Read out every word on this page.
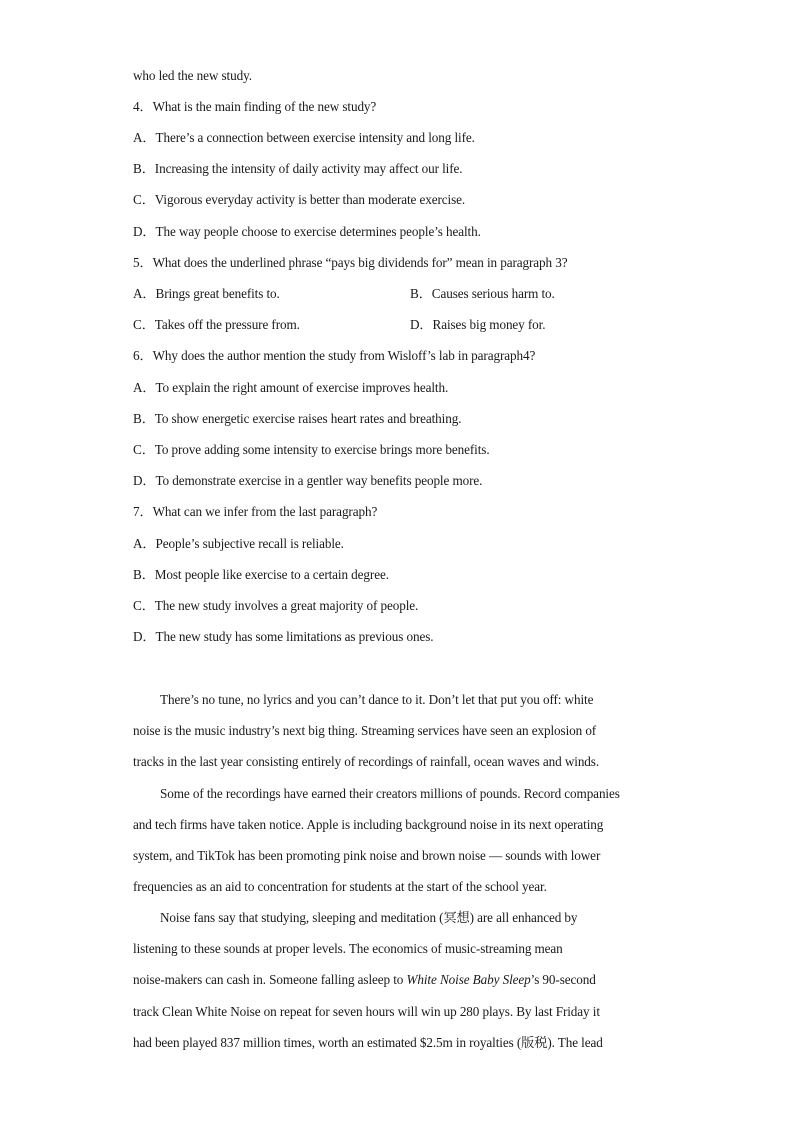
who led the new study.
4．What is the main finding of the new study?
A．There’s a connection between exercise intensity and long life.
B．Increasing the intensity of daily activity may affect our life.
C．Vigorous everyday activity is better than moderate exercise.
D．The way people choose to exercise determines people’s health.
5．What does the underlined phrase “pays big dividends for” mean in paragraph 3?
A．Brings great benefits to.	B．Causes serious harm to.
C．Takes off the pressure from.	D．Raises big money for.
6．Why does the author mention the study from Wisloff’s lab in paragraph4?
A．To explain the right amount of exercise improves health.
B．To show energetic exercise raises heart rates and breathing.
C．To prove adding some intensity to exercise brings more benefits.
D．To demonstrate exercise in a gentler way benefits people more.
7．What can we infer from the last paragraph?
A．People’s subjective recall is reliable.
B．Most people like exercise to a certain degree.
C．The new study involves a great majority of people.
D．The new study has some limitations as previous ones.
There’s no tune, no lyrics and you can’t dance to it. Don’t let that put you off: white
noise is the music industry’s next big thing. Streaming services have seen an explosion of
tracks in the last year consisting entirely of recordings of rainfall, ocean waves and winds.
Some of the recordings have earned their creators millions of pounds. Record companies
and tech firms have taken notice. Apple is including background noise in its next operating
system, and TikTok has been promoting pink noise and brown noise — sounds with lower
frequencies as an aid to concentration for students at the start of the school year.
Noise fans say that studying, sleeping and meditation (冥想) are all enhanced by
listening to these sounds at proper levels. The economics of music-streaming mean
noise-makers can cash in. Someone falling asleep to White Noise Baby Sleep’s 90-second
track Clean White Noise on repeat for seven hours will win up 280 plays. By last Friday it
had been played 837 million times, worth an estimated $2.5m in royalties (版税). The lead
